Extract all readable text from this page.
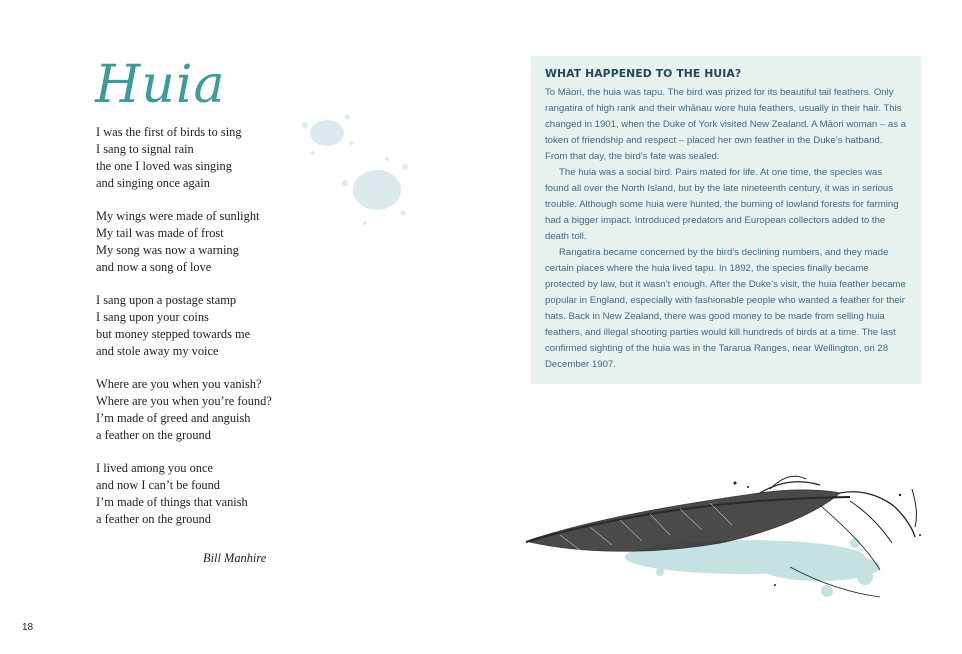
Huia

I was the first of birds to sing
I sang to signal rain
the one I loved was singing
and singing once again

My wings were made of sunlight
My tail was made of frost
My song was now a warning
and now a song of love

I sang upon a postage stamp
I sang upon your coins
but money stepped towards me
and stole away my voice

Where are you when you vanish?
Where are you when you’re found?
I’m made of greed and anguish
a feather on the ground

I lived among you once
and now I can’t be found
I’m made of things that vanish
a feather on the ground

Bill Manhire
18
WHAT HAPPENED TO THE HUIA?

To Māori, the huia was tapu. The bird was prized for its beautiful tail feathers. Only rangatira of high rank and their whānau wore huia feathers, usually in their hair. This changed in 1901, when the Duke of York visited New Zealand. A Māori woman – as a token of friendship and respect – placed her own feather in the Duke’s hatband. From that day, the bird’s fate was sealed.

The huia was a social bird. Pairs mated for life. At one time, the species was found all over the North Island, but by the late nineteenth century, it was in serious trouble. Although some huia were hunted, the burning of lowland forests for farming had a bigger impact. Introduced predators and European collectors added to the death toll.

Rangatira became concerned by the bird’s declining numbers, and they made certain places where the huia lived tapu. In 1892, the species finally became protected by law, but it wasn’t enough. After the Duke’s visit, the huia feather became popular in England, especially with fashionable people who wanted a feather for their hats. Back in New Zealand, there was good money to be made from selling huia feathers, and illegal shooting parties would kill hundreds of birds at a time. The last confirmed sighting of the huia was in the Tararua Ranges, near Wellington, on 28 December 1907.
